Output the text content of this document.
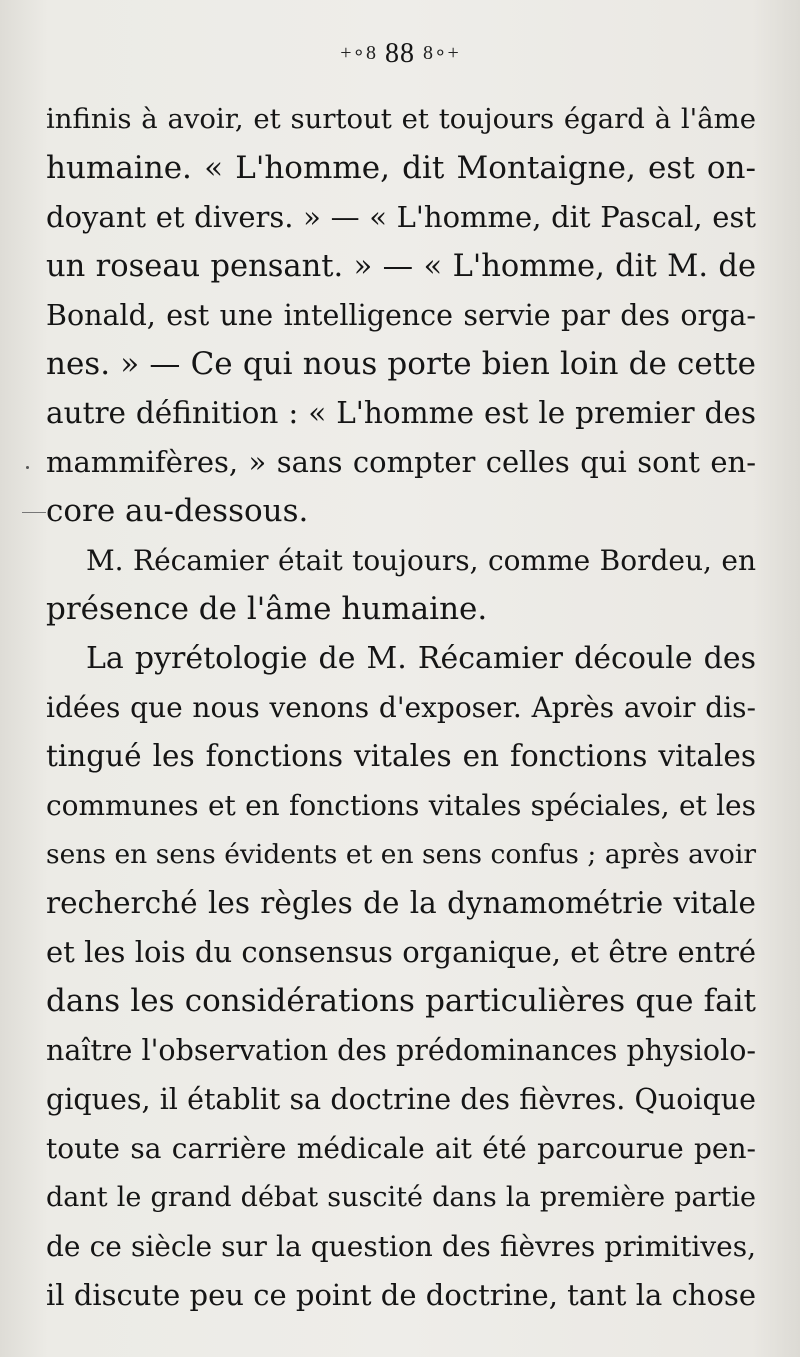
+∘8 88 8∘+
infinis à avoir, et surtout et toujours égard à l'âme
humaine. « L'homme, dit Montaigne, est on-
doyant et divers. » — « L'homme, dit Pascal, est
un roseau pensant. » — « L'homme, dit M. de
Bonald, est une intelligence servie par des orga-
nes. » — Ce qui nous porte bien loin de cette
autre définition : « L'homme est le premier des
mammifères, » sans compter celles qui sont en-
core au-dessous.
M. Récamier était toujours, comme Bordeu, en
présence de l'âme humaine.
La pyrétologie de M. Récamier découle des
idées que nous venons d'exposer. Après avoir dis-
tingué les fonctions vitales en fonctions vitales
communes et en fonctions vitales spéciales, et les
sens en sens évidents et en sens confus ; après avoir
recherché les règles de la dynamométrie vitale
et les lois du consensus organique, et être entré
dans les considérations particulières que fait
naître l'observation des prédominances physiolo-
giques, il établit sa doctrine des fièvres. Quoique
toute sa carrière médicale ait été parcourue pen-
dant le grand débat suscité dans la première partie
de ce siècle sur la question des fièvres primitives,
il discute peu ce point de doctrine, tant la chose
